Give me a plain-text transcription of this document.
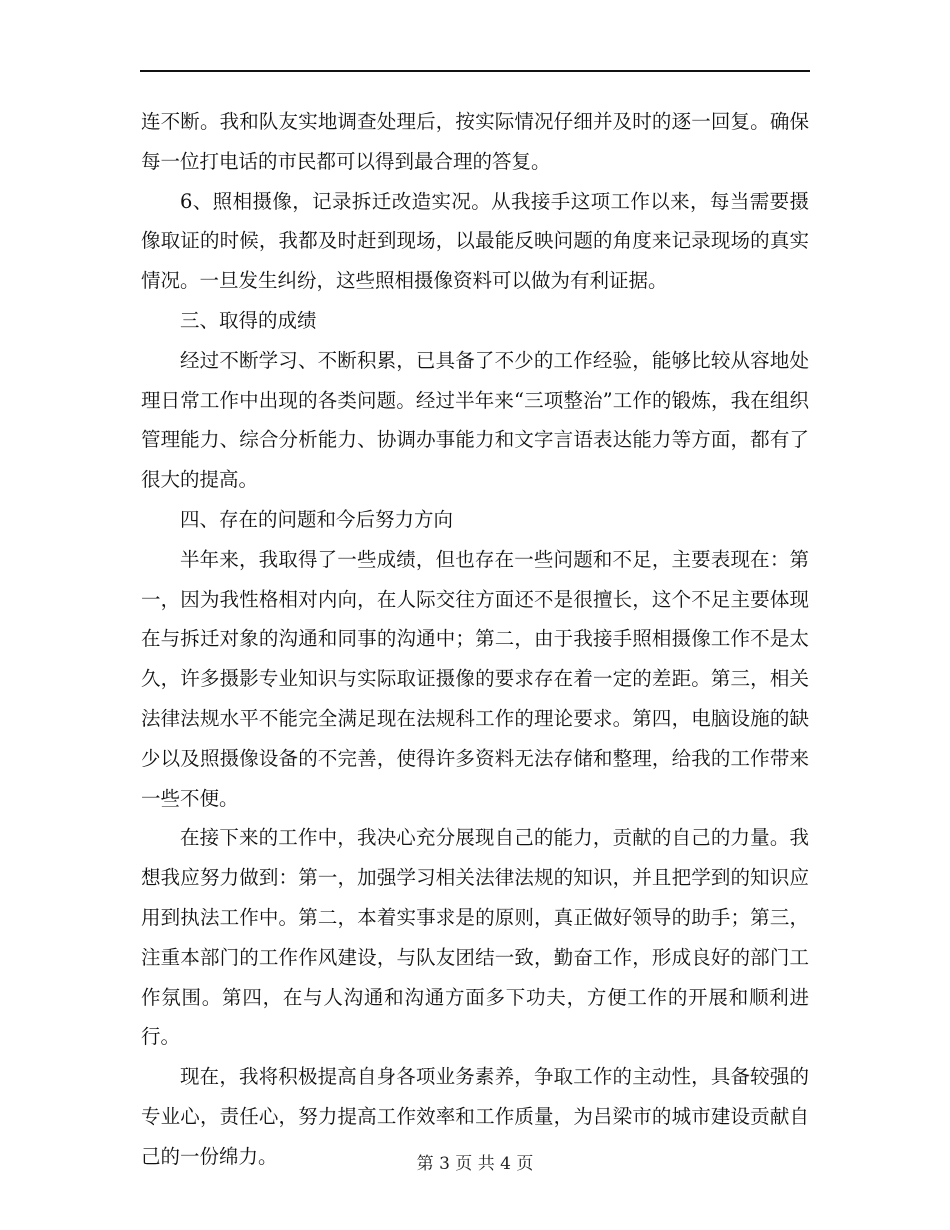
连不断。我和队友实地调查处理后，按实际情况仔细并及时的逐一回复。确保每一位打电话的市民都可以得到最合理的答复。

6、照相摄像，记录拆迁改造实况。从我接手这项工作以来，每当需要摄像取证的时候，我都及时赶到现场，以最能反映问题的角度来记录现场的真实情况。一旦发生纠纷，这些照相摄像资料可以做为有利证据。

三、取得的成绩

经过不断学习、不断积累，已具备了不少的工作经验，能够比较从容地处理日常工作中出现的各类问题。经过半年来“三项整治”工作的锻炼，我在组织管理能力、综合分析能力、协调办事能力和文字言语表达能力等方面，都有了很大的提高。

四、存在的问题和今后努力方向

半年来，我取得了一些成绩，但也存在一些问题和不足，主要表现在：第一，因为我性格相对内向，在人际交往方面还不是很擅长，这个不足主要体现在与拆迁对象的沟通和同事的沟通中；第二，由于我接手照相摄像工作不是太久，许多摄影专业知识与实际取证摄像的要求存在着一定的差距。第三，相关法律法规水平不能完全满足现在法规科工作的理论要求。第四，电脑设施的缺少以及照摄像设备的不完善，使得许多资料无法存储和整理，给我的工作带来一些不便。

在接下来的工作中，我决心充分展现自己的能力，贡献的自己的力量。我想我应努力做到：第一，加强学习相关法律法规的知识，并且把学到的知识应用到执法工作中。第二，本着实事求是的原则，真正做好领导的助手；第三，注重本部门的工作作风建设，与队友团结一致，勤奋工作，形成良好的部门工作氛围。第四，在与人沟通和沟通方面多下功夫，方便工作的开展和顺利进行。

现在，我将积极提高自身各项业务素养，争取工作的主动性，具备较强的专业心，责任心，努力提高工作效率和工作质量，为吕梁市的城市建设贡献自己的一份绵力。	第 3 页 共 4 页
